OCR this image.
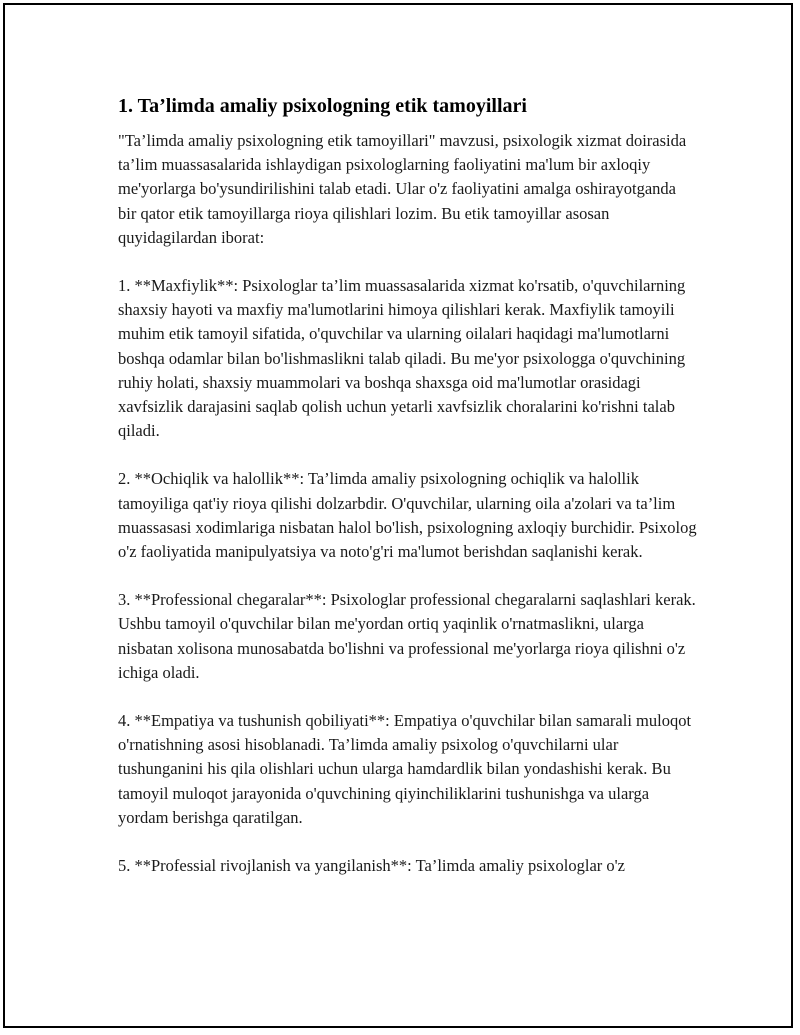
1. Ta’limda amaliy psixologning etik tamoyillari

"Ta’limda amaliy psixologning etik tamoyillari" mavzusi, psixologik xizmat doirasida ta’lim muassasalarida ishlaydigan psixologlarning faoliyatini ma'lum bir axloqiy me'yorlarga bo'ysundirilishini talab etadi. Ular o'z faoliyatini amalga oshirayotganda bir qator etik tamoyillarga rioya qilishlari lozim. Bu etik tamoyillar asosan quyidagilardan iborat:

1. **Maxfiylik**: Psixologlar ta’lim muassasalarida xizmat ko'rsatib, o'quvchilarning shaxsiy hayoti va maxfiy ma'lumotlarini himoya qilishlari kerak. Maxfiylik tamoyili muhim etik tamoyil sifatida, o'quvchilar va ularning oilalari haqidagi ma'lumotlarni boshqa odamlar bilan bo'lishmaslikni talab qiladi. Bu me'yor psixologga o'quvchining ruhiy holati, shaxsiy muammolari va boshqa shaxsga oid ma'lumotlar orasidagi xavfsizlik darajasini saqlab qolish uchun yetarli xavfsizlik choralarini ko'rishni talab qiladi.

2. **Ochiqlik va halollik**: Ta’limda amaliy psixologning ochiqlik va halollik tamoyiliga qat'iy rioya qilishi dolzarbdir. O'quvchilar, ularning oila a'zolari va ta’lim muassasasi xodimlariga nisbatan halol bo'lish, psixologning axloqiy burchidir. Psixolog o'z faoliyatida manipulyatsiya va noto'g'ri ma'lumot berishdan saqlanishi kerak.

3. **Professional chegaralar**: Psixologlar professional chegaralarni saqlashlari kerak. Ushbu tamoyil o'quvchilar bilan me'yordan ortiq yaqinlik o'rnatmaslikni, ularga nisbatan xolisona munosabatda bo'lishni va professional me'yorlarga rioya qilishni o'z ichiga oladi.

4. **Empatiya va tushunish qobiliyati**: Empatiya o'quvchilar bilan samarali muloqot o'rnatishning asosi hisoblanadi. Ta’limda amaliy psixolog o'quvchilarni ular tushunganini his qila olishlari uchun ularga hamdardlik bilan yondashishi kerak. Bu tamoyil muloqot jarayonida o'quvchining qiyinchiliklarini tushunishga va ularga yordam berishga qaratilgan.

5. **Professial rivojlanish va yangilanish**: Ta’limda amaliy psixologlar o'z
